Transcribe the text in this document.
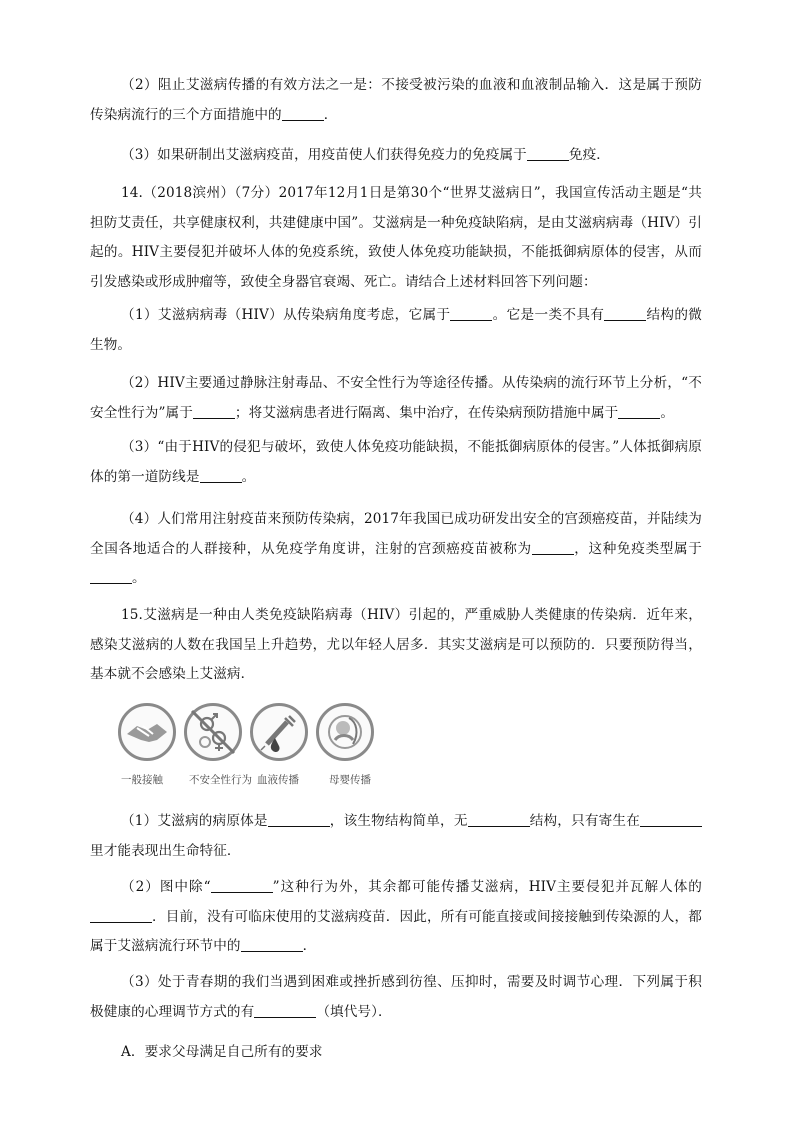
（2）阻止艾滋病传播的有效方法之一是：不接受被污染的血液和血液制品输入．这是属于预防传染病流行的三个方面措施中的	．

（3）如果研制出艾滋病疫苗，用疫苗使人们获得免疫力的免疫属于	免疫．

14.（2018滨州）（7分）2017年12月1日是第30个“世界艾滋病日”，我国宣传活动主题是“共担防艾责任，共享健康权利，共建健康中国”。艾滋病是一种免疫缺陷病，是由艾滋病病毒（HIV）引起的。HIV主要侵犯并破坏人体的免疫系统，致使人体免疫功能缺损，不能抵御病原体的侵害，从而引发感染或形成肿瘤等，致使全身器官衰竭、死亡。请结合上述材料回答下列问题：

（1）艾滋病病毒（HIV）从传染病角度考虑，它属于	。它是一类不具有	结构的微生物。

（2）HIV主要通过静脉注射毒品、不安全性行为等途径传播。从传染病的流行环节上分析，“不安全性行为”属于	；将艾滋病患者进行隔离、集中治疗，在传染病预防措施中属于	。

（3）“由于HIV的侵犯与破坏，致使人体免疫功能缺损，不能抵御病原体的侵害。”人体抵御病原体的第一道防线是	。

（4）人们常用注射疫苗来预防传染病，2017年我国已成功研发出安全的宫颈癌疫苗，并陆续为全国各地适合的人群接种，从免疫学角度讲，注射的宫颈癌疫苗被称为	，这种免疫类型属于。

15.艾滋病是一种由人类免疫缺陷病毒（HIV）引起的，严重威胁人类健康的传染病．近年来，感染艾滋病的人数在我国呈上升趋势，尤以年轻人居多．其实艾滋病是可以预防的．只要预防得当，基本就不会感染上艾滋病．

一般接触 不安全性行为 血液传播	母婴传播

（1）艾滋病的病原体是	，该生物结构简单，无	结构，只有寄生在里才能表现出生命特征．

（2）图中除“	”这种行为外，其余都可能传播艾滋病，HIV主要侵犯并瓦解人体的．目前，没有可临床使用的艾滋病疫苗．因此，所有可能直接或间接接触到传染源的人，都属于艾滋病流行环节中的	．

（3）处于青春期的我们当遇到困难或挫折感到彷徨、压抑时，需要及时调节心理．下列属于积极健康的心理调节方式的有	（填代号）．

A．要求父母满足自己所有的要求
